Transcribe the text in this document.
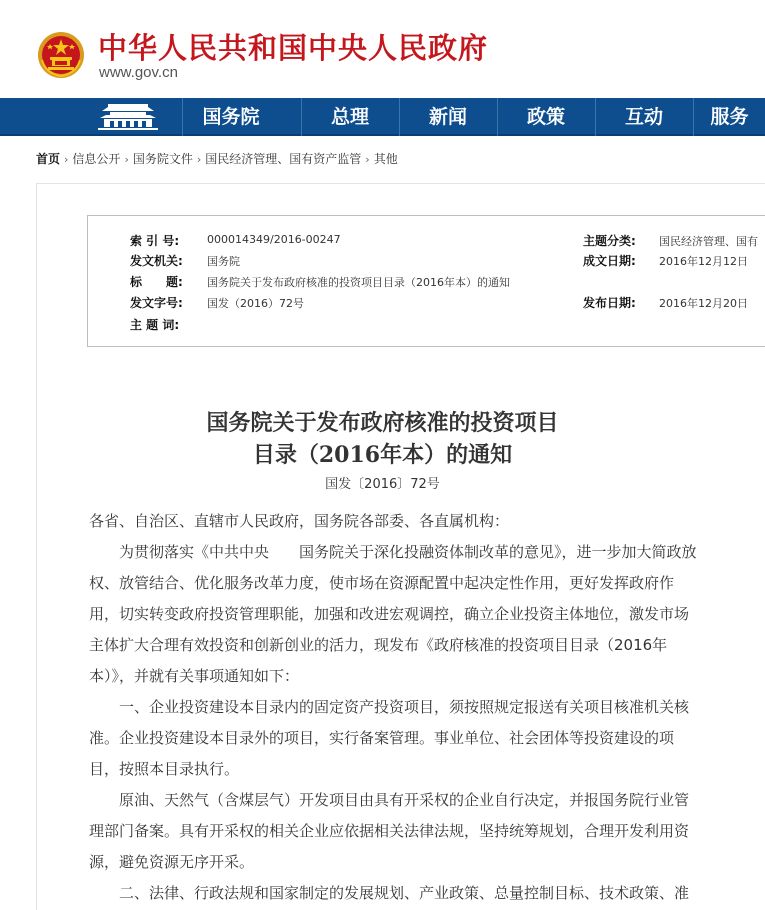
中华人民共和国中央人民政府
www.gov.cn
国务院	总理	新闻	政策	互动	服务
首页 › 信息公开 › 国务院文件 › 国民经济管理、国有资产监管 › 其他
索 引 号:	000014349/2016-00247
发文机关: 国务院
标　　题: 国务院关于发布政府核准的投资项目目录（2016年本）的通知
发文字号: 国发（2016）72号
主 题 词:
主题分类: 国民经济管理、国有
成文日期: 2016年12月12日
发布日期: 2016年12月20日
国务院关于发布政府核准的投资项目
目录（2016年本）的通知
国发〔2016〕72号
各省、自治区、直辖市人民政府，国务院各部委、各直属机构：
　　为贯彻落实《中共中央　　国务院关于深化投融资体制改革的意见》，进一步加大简政放
权、放管结合、优化服务改革力度，使市场在资源配置中起决定性作用，更好发挥政府作
用，切实转变政府投资管理职能，加强和改进宏观调控，确立企业投资主体地位，激发市场
主体扩大合理有效投资和创新创业的活力，现发布《政府核准的投资项目目录（2016年
本）》，并就有关事项通知如下：
　　一、企业投资建设本目录内的固定资产投资项目，须按照规定报送有关项目核准机关核
准。企业投资建设本目录外的项目，实行备案管理。事业单位、社会团体等投资建设的项
目，按照本目录执行。
　　原油、天然气（含煤层气）开发项目由具有开采权的企业自行决定，并报国务院行业管
理部门备案。具有开采权的相关企业应依据相关法律法规，坚持统筹规划，合理开发利用资
源，避免资源无序开采。
　　二、法律、行政法规和国家制定的发展规划、产业政策、总量控制目标、技术政策、准
